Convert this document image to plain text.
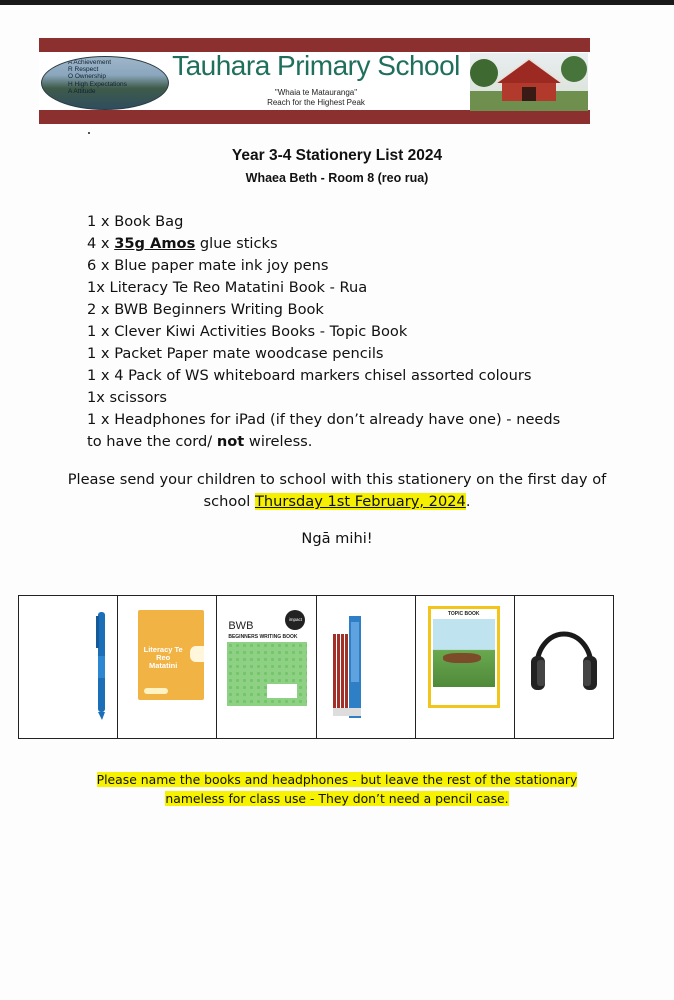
A Achievement
R Respect
O Ownership
H High Expectations
A Attitude
Tauhara Primary School
"Whaia te Matauranga"
Reach for the Highest Peak
Year 3-4 Stationery List 2024
Whaea Beth - Room 8 (reo rua)
1 x Book Bag
4 x 35g Amos glue sticks
6 x Blue paper mate ink joy pens
1x Literacy Te Reo Matatini Book - Rua
2 x BWB Beginners Writing Book
1 x Clever Kiwi Activities Books - Topic Book
1 x Packet Paper mate woodcase pencils
1 x 4 Pack of WS whiteboard markers chisel assorted colours
1x scissors
1 x Headphones for iPad (if they don’t already have one) - needs
to have the cord/ not wireless.
Please send your children to school with this stationery on the first day of
school Thursday 1st February, 2024.
Ngā mihi!
Literacy Te Reo Matatini
BWB
impact
BEGINNERS WRITING BOOK
TOPIC BOOK
Please name the books and headphones - but leave the rest of the stationary
nameless for class use - They don’t need a pencil case.
